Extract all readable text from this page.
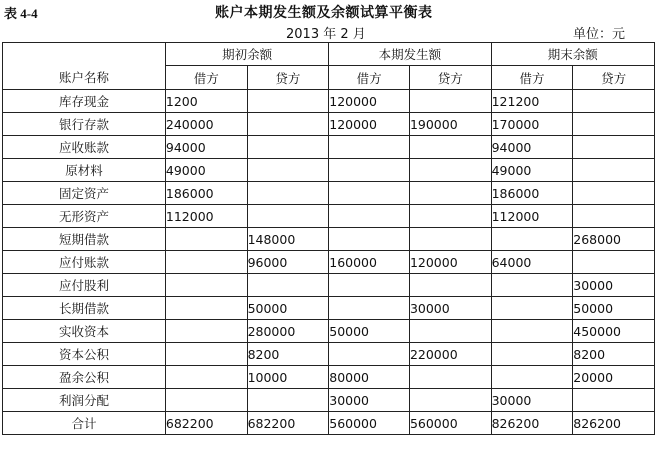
表 4-4	账户本期发生额及余额试算平衡表
2013 年 2 月	单位：元
	期初余额		本期发生额		期末余额	
账户名称	借方	贷方	借方	贷方	借方	贷方
库存现金	1200		120000		121200	
银行存款	240000		120000	190000	170000	
应收账款	94000				94000	
原材料	49000				49000	
固定资产	186000				186000	
无形资产	112000				112000	
短期借款		148000				268000
应付账款		96000	160000	120000	64000	
应付股利						30000
长期借款		50000		30000		50000
实收资本		280000	50000			450000
资本公积		8200		220000		8200
盈余公积		10000	80000			20000
利润分配			30000		30000	
合计	682200	682200	560000	560000	826200	826200
